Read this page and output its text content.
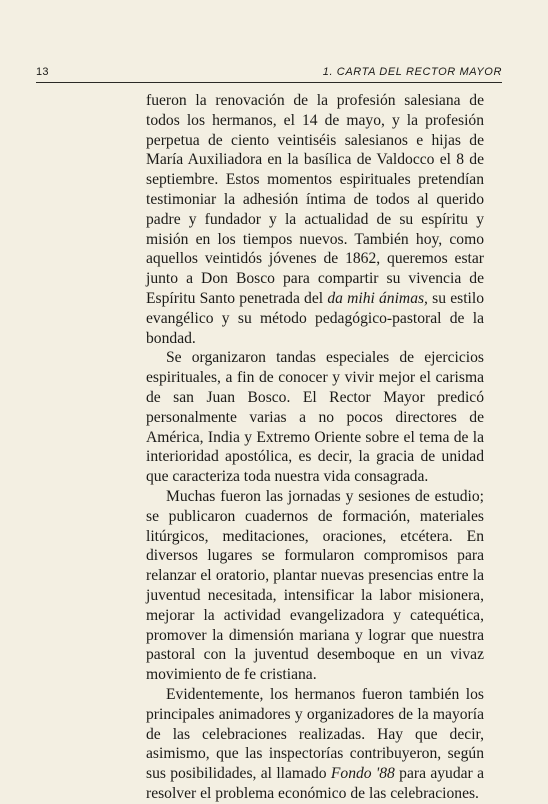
13	1. CARTA DEL RECTOR MAYOR

fueron la renovación de la profesión salesiana de todos los hermanos, el 14 de mayo, y la profesión perpetua de ciento veintiséis salesianos e hijas de María Auxiliadora en la basílica de Valdocco el 8 de septiembre. Estos momentos espirituales pretendían testimoniar la adhesión íntima de todos al querido padre y fundador y la actualidad de su espíritu y misión en los tiempos nuevos. También hoy, como aquellos veintidós jóvenes de 1862, queremos estar junto a Don Bosco para compartir su vivencia de Espíritu Santo penetrada del da mihi ánimas, su estilo evangélico y su método pedagógico-pastoral de la bondad.

Se organizaron tandas especiales de ejercicios espirituales, a fin de conocer y vivir mejor el carisma de san Juan Bosco. El Rector Mayor predicó personalmente varias a no pocos directores de América, India y Extremo Oriente sobre el tema de la interioridad apostólica, es decir, la gracia de unidad que caracteriza toda nuestra vida consagrada.

Muchas fueron las jornadas y sesiones de estudio; se publicaron cuadernos de formación, materiales litúrgicos, meditaciones, oraciones, etcétera. En diversos lugares se formularon compromisos para relanzar el oratorio, plantar nuevas presencias entre la juventud necesitada, intensificar la labor misionera, mejorar la actividad evangelizadora y catequética, promover la dimensión mariana y lograr que nuestra pastoral con la juventud desemboque en un vivaz movimiento de fe cristiana.

Evidentemente, los hermanos fueron también los principales animadores y organizadores de la mayoría de las celebraciones realizadas. Hay que decir, asimismo, que las inspectorías contribuyeron, según sus posibilidades, al llamado Fondo '88 para ayudar a resolver el problema económico de las celebraciones.
